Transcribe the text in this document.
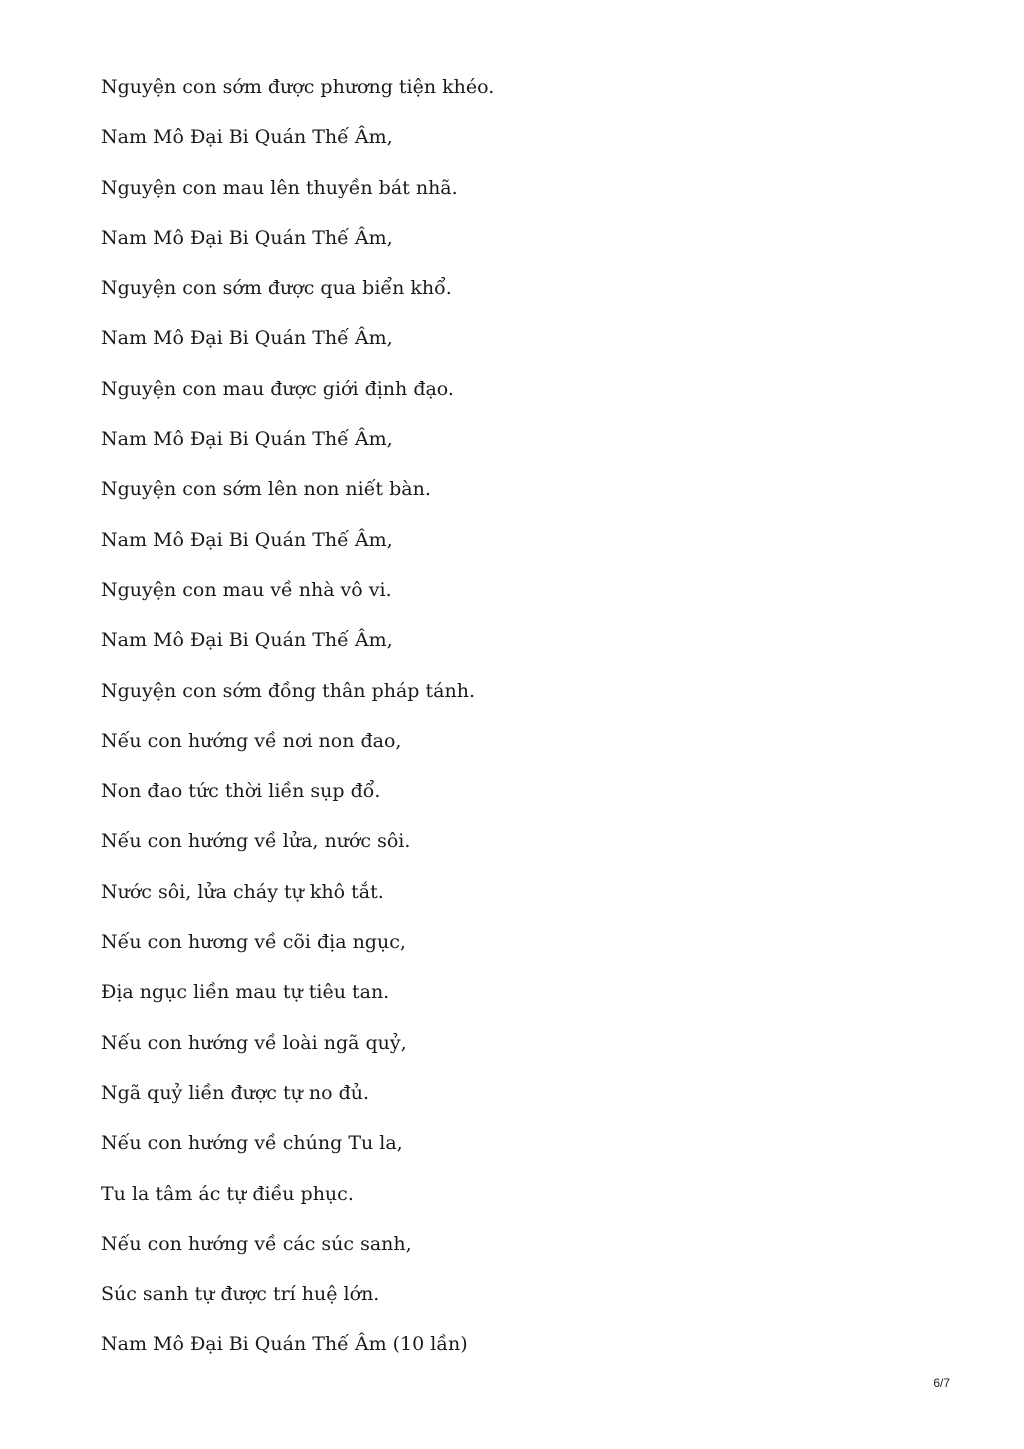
Nguyện con sớm được phương tiện khéo.
Nam Mô Đại Bi Quán Thế Âm,
Nguyện con mau lên thuyền bát nhã.
Nam Mô Đại Bi Quán Thế Âm,
Nguyện con sớm được qua biển khổ.
Nam Mô Đại Bi Quán Thế Âm,
Nguyện con mau được giới định đạo.
Nam Mô Đại Bi Quán Thế Âm,
Nguyện con sớm lên non niết bàn.
Nam Mô Đại Bi Quán Thế Âm,
Nguyện con mau về nhà vô vi.
Nam Mô Đại Bi Quán Thế Âm,
Nguyện con sớm đồng thân pháp tánh.
Nếu con hướng về nơi non đao,
Non đao tức thời liền sụp đổ.
Nếu con hướng về lửa, nước sôi.
Nước sôi, lửa cháy tự khô tắt.
Nếu con hương về cõi địa ngục,
Địa ngục liền mau tự tiêu tan.
Nếu con hướng về loài ngã quỷ,
Ngã quỷ liền được tự no đủ.
Nếu con hướng về chúng Tu la,
Tu la tâm ác tự điều phục.
Nếu con hướng về các súc sanh,
Súc sanh tự được trí huệ lớn.
Nam Mô Đại Bi Quán Thế Âm (10 lần)
6/7
